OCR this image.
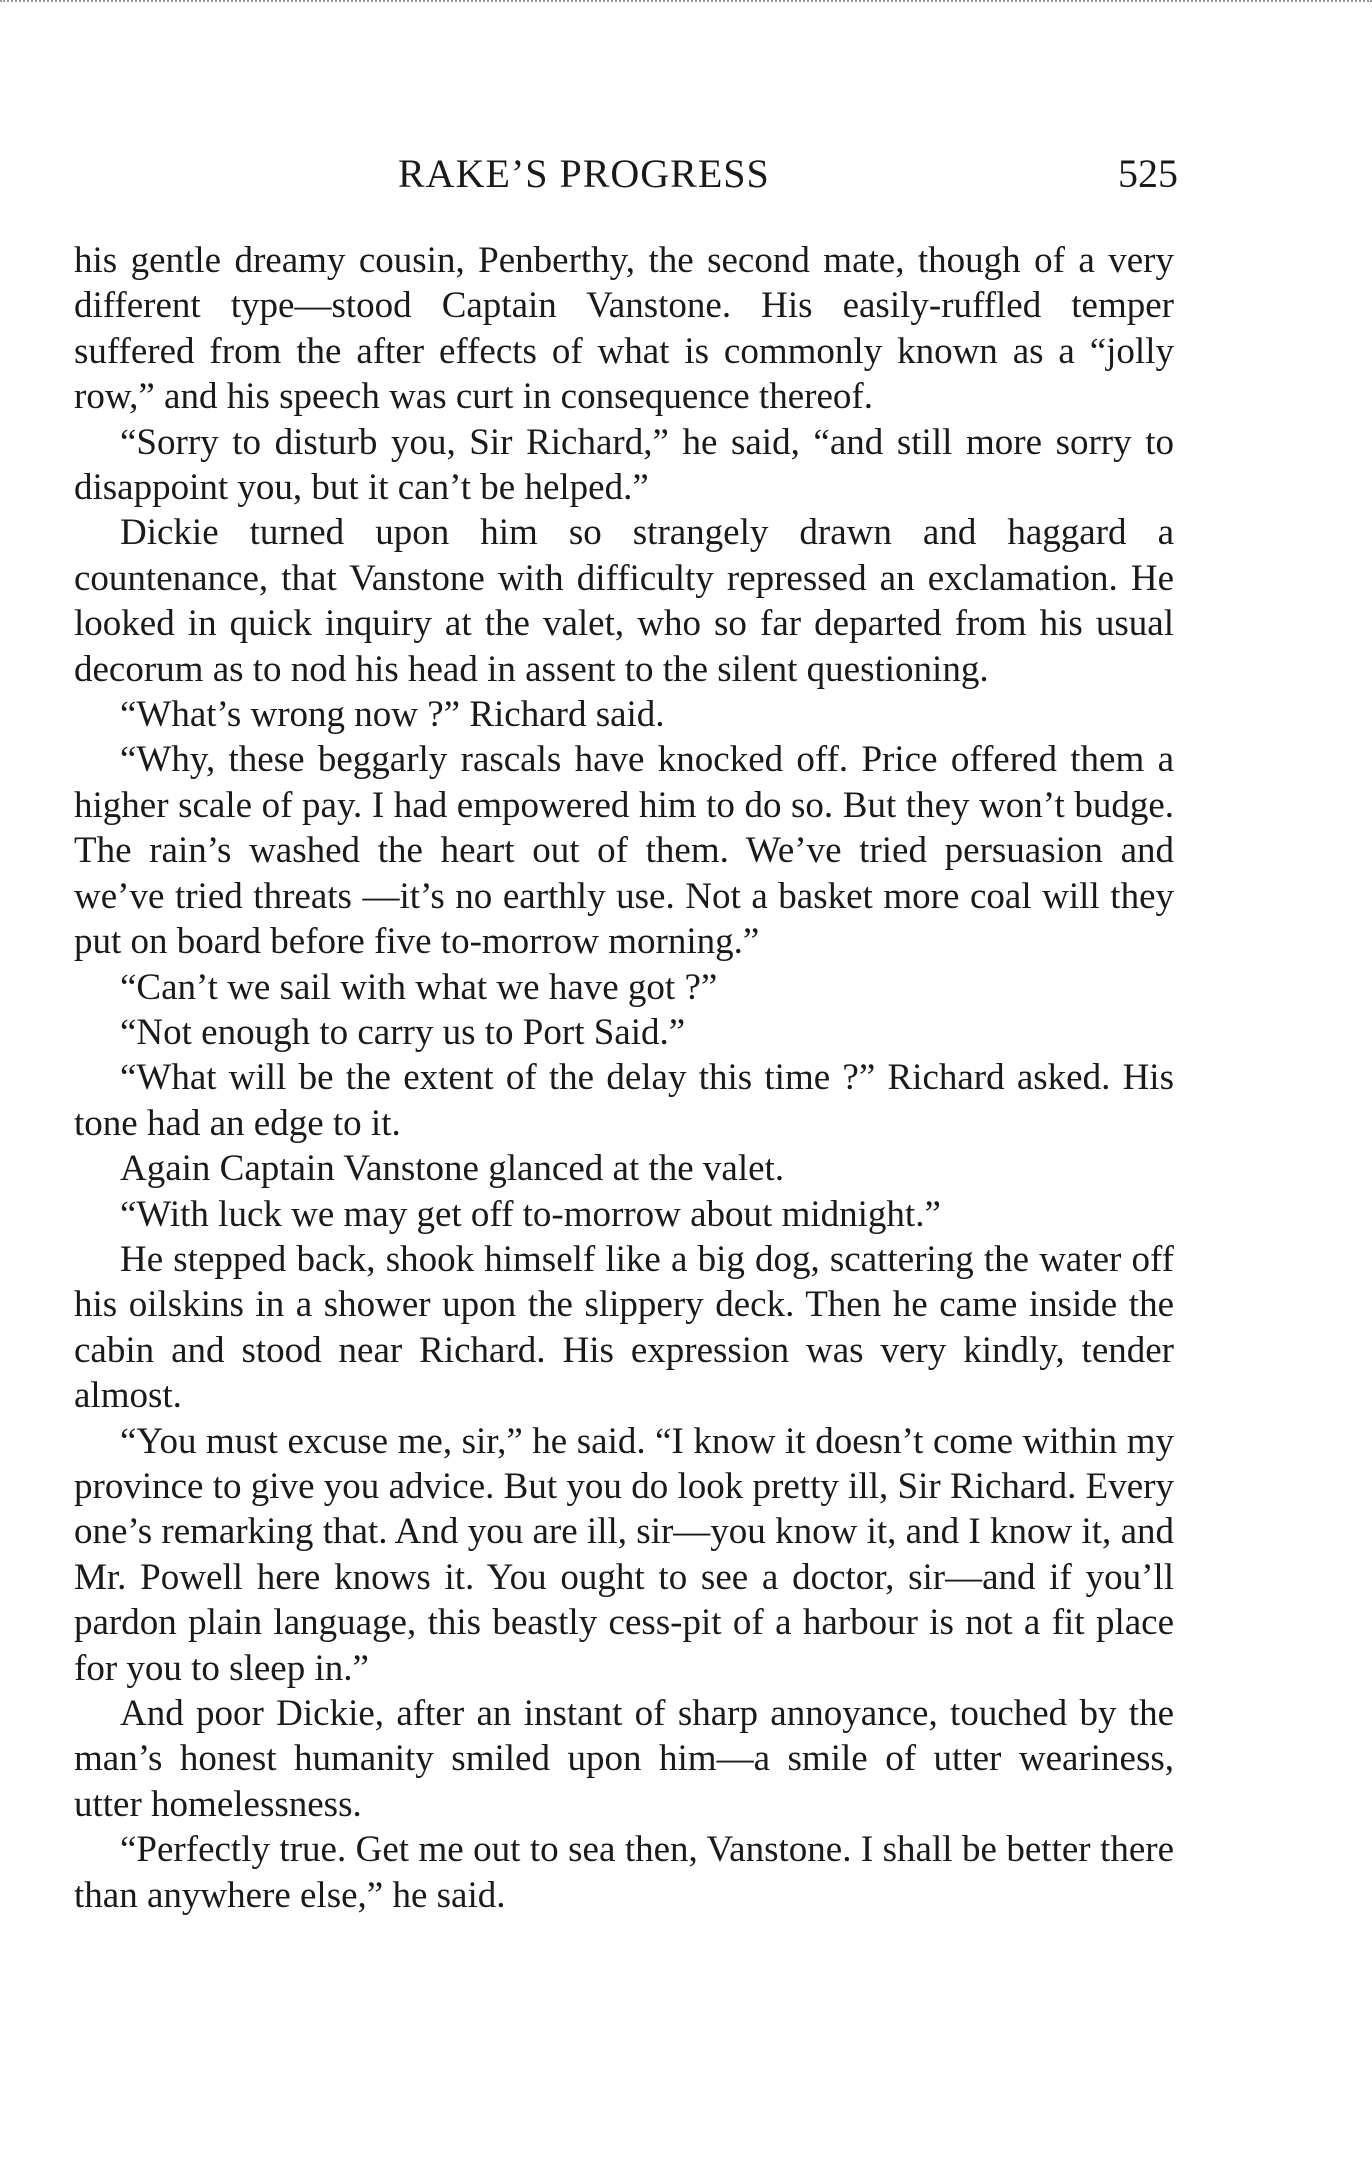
RAKE’S PROGRESS	525

his gentle dreamy cousin, Penberthy, the second mate, though of a very different type—stood Captain Vanstone. His easily-ruffled temper suffered from the after effects of what is commonly known as a “jolly row,” and his speech was curt in consequence thereof.

“Sorry to disturb you, Sir Richard,” he said, “and still more sorry to disappoint you, but it can’t be helped.”

Dickie turned upon him so strangely drawn and haggard a countenance, that Vanstone with difficulty repressed an exclamation. He looked in quick inquiry at the valet, who so far departed from his usual decorum as to nod his head in assent to the silent questioning.

“What’s wrong now ?” Richard said.

“Why, these beggarly rascals have knocked off. Price offered them a higher scale of pay. I had empowered him to do so. But they won’t budge. The rain’s washed the heart out of them. We’ve tried persuasion and we’ve tried threats —it’s no earthly use. Not a basket more coal will they put on board before five to-morrow morning.”

“Can’t we sail with what we have got ?”

“Not enough to carry us to Port Said.”

“What will be the extent of the delay this time ?” Richard asked. His tone had an edge to it.

Again Captain Vanstone glanced at the valet.

“With luck we may get off to-morrow about midnight.”

He stepped back, shook himself like a big dog, scattering the water off his oilskins in a shower upon the slippery deck. Then he came inside the cabin and stood near Richard. His expression was very kindly, tender almost.

“You must excuse me, sir,” he said. “I know it doesn’t come within my province to give you advice. But you do look pretty ill, Sir Richard. Every one’s remarking that. And you are ill, sir—you know it, and I know it, and Mr. Powell here knows it. You ought to see a doctor, sir—and if you’ll pardon plain language, this beastly cess-pit of a harbour is not a fit place for you to sleep in.”

And poor Dickie, after an instant of sharp annoyance, touched by the man’s honest humanity smiled upon him—a smile of utter weariness, utter homelessness.

“Perfectly true. Get me out to sea then, Vanstone. I shall be better there than anywhere else,” he said.
